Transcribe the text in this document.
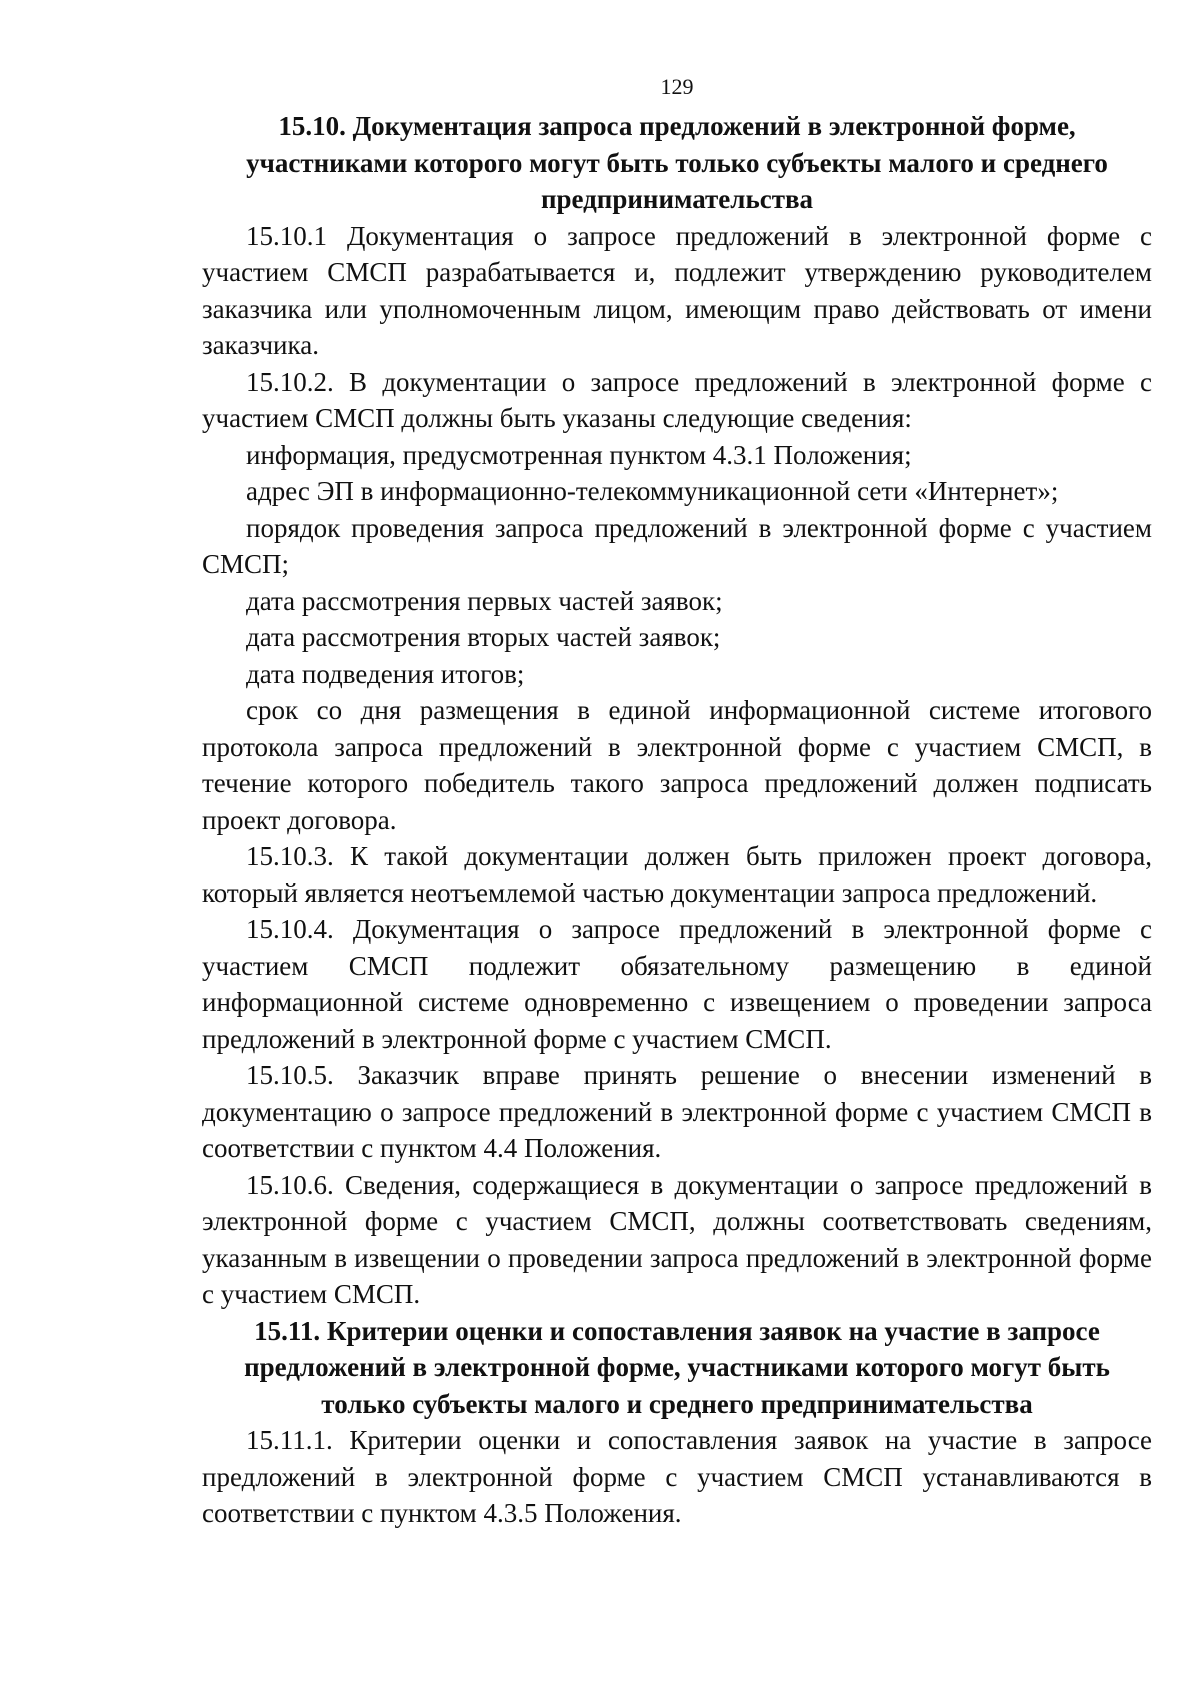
129

15.10. Документация запроса предложений в электронной форме, участниками которого могут быть только субъекты малого и среднего предпринимательства

15.10.1 Документация о запросе предложений в электронной форме с участием СМСП разрабатывается и, подлежит утверждению руководителем заказчика или уполномоченным лицом, имеющим право действовать от имени заказчика.

15.10.2. В документации о запросе предложений в электронной форме с участием СМСП должны быть указаны следующие сведения:

информация, предусмотренная пунктом 4.3.1 Положения;

адрес ЭП в информационно-телекоммуникационной сети «Интернет»;

порядок проведения запроса предложений в электронной форме с участием СМСП;

дата рассмотрения первых частей заявок;

дата рассмотрения вторых частей заявок;

дата подведения итогов;

срок со дня размещения в единой информационной системе итогового протокола запроса предложений в электронной форме с участием СМСП, в течение которого победитель такого запроса предложений должен подписать проект договора.

15.10.3. К такой документации должен быть приложен проект договора, который является неотъемлемой частью документации запроса предложений.

15.10.4. Документация о запросе предложений в электронной форме с участием СМСП подлежит обязательному размещению в единой информационной системе одновременно с извещением о проведении запроса предложений в электронной форме с участием СМСП.

15.10.5. Заказчик вправе принять решение о внесении изменений в документацию о запросе предложений в электронной форме с участием СМСП в соответствии с пунктом 4.4 Положения.

15.10.6. Сведения, содержащиеся в документации о запросе предложений в электронной форме с участием СМСП, должны соответствовать сведениям, указанным в извещении о проведении запроса предложений в электронной форме с участием СМСП.

15.11. Критерии оценки и сопоставления заявок на участие в запросе предложений в электронной форме, участниками которого могут быть только субъекты малого и среднего предпринимательства

15.11.1. Критерии оценки и сопоставления заявок на участие в запросе предложений в электронной форме с участием СМСП устанавливаются в соответствии с пунктом 4.3.5 Положения.
